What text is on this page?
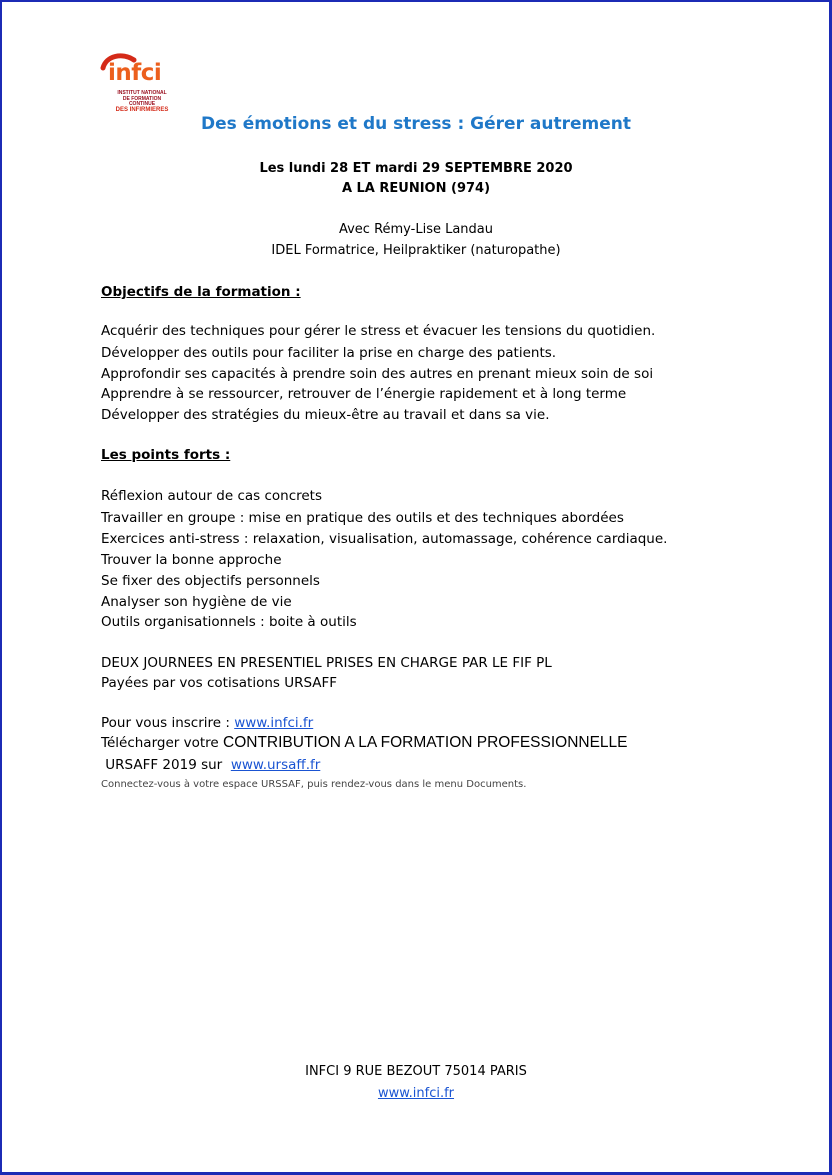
infci
INSTITUT NATIONAL
DE FORMATION CONTINUE
DES INFIRMIERES
Des émotions et du stress : Gérer autrement
Les lundi 28 ET mardi 29 SEPTEMBRE 2020
A LA REUNION (974)
Avec Rémy-Lise Landau
IDEL Formatrice, Heilpraktiker (naturopathe)
Objectifs de la formation :
Acquérir des techniques pour gérer le stress et évacuer les tensions du quotidien.
Développer des outils pour faciliter la prise en charge des patients.
Approfondir ses capacités à prendre soin des autres en prenant mieux soin de soi
Apprendre à se ressourcer, retrouver de l’énergie rapidement et à long terme
Développer des stratégies du mieux-être au travail et dans sa vie.
Les points forts :
Réflexion autour de cas concrets
Travailler en groupe : mise en pratique des outils et des techniques abordées
Exercices anti-stress : relaxation, visualisation, automassage, cohérence cardiaque.
Trouver la bonne approche
Se fixer des objectifs personnels
Analyser son hygiène de vie
Outils organisationnels : boite à outils
DEUX JOURNEES EN PRESENTIEL PRISES EN CHARGE PAR LE FIF PL
Payées par vos cotisations URSAFF
Pour vous inscrire : www.infci.fr
Télécharger votre CONTRIBUTION A LA FORMATION PROFESSIONNELLE
URSAFF 2019 sur  www.ursaff.fr
Connectez-vous à votre espace URSSAF, puis rendez-vous dans le menu Documents.
INFCI 9 RUE BEZOUT 75014 PARIS
www.infci.fr
